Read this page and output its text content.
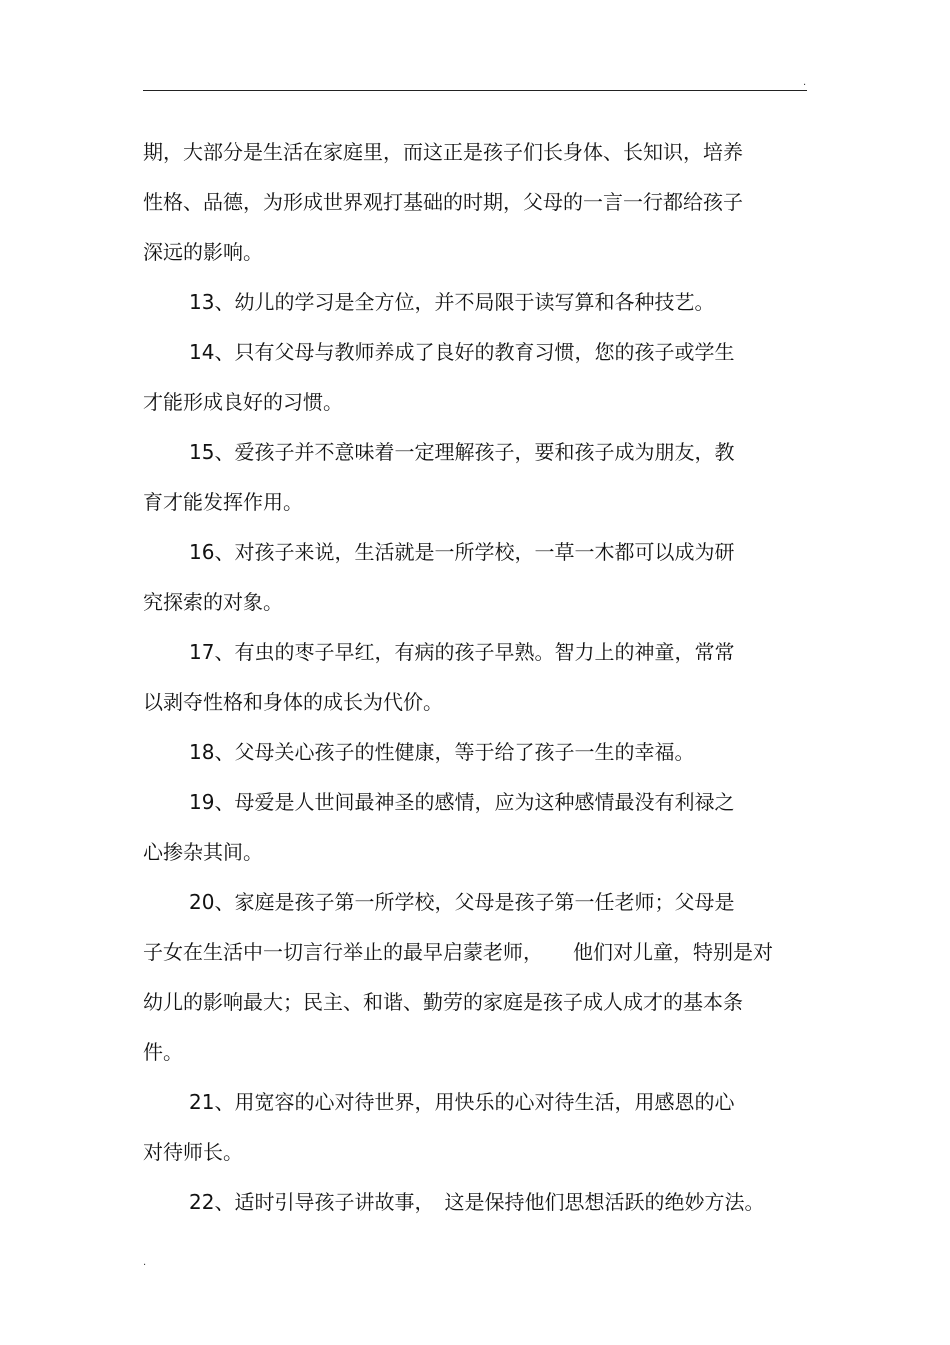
.
.
期，大部分是生活在家庭里，而这正是孩子们长身体、长知识，培养
性格、品德，为形成世界观打基础的时期，父母的一言一行都给孩子
深远的影响。
13、幼儿的学习是全方位，并不局限于读写算和各种技艺。
14、只有父母与教师养成了良好的教育习惯，您的孩子或学生
才能形成良好的习惯。
15、爱孩子并不意味着一定理解孩子，要和孩子成为朋友，教
育才能发挥作用。
16、对孩子来说，生活就是一所学校，一草一木都可以成为研
究探索的对象。
17、有虫的枣子早红，有病的孩子早熟。智力上的神童，常常
以剥夺性格和身体的成长为代价。
18、父母关心孩子的性健康，等于给了孩子一生的幸福。
19、母爱是人世间最神圣的感情，应为这种感情最没有利禄之
心掺杂其间。
20、家庭是孩子第一所学校，父母是孩子第一任老师；父母是
子女在生活中一切言行举止的最早启蒙老师，　　他们对儿童，特别是对
幼儿的影响最大；民主、和谐、勤劳的家庭是孩子成人成才的基本条
件。
21、用宽容的心对待世界，用快乐的心对待生活，用感恩的心
对待师长。
22、适时引导孩子讲故事，　这是保持他们思想活跃的绝妙方法。
